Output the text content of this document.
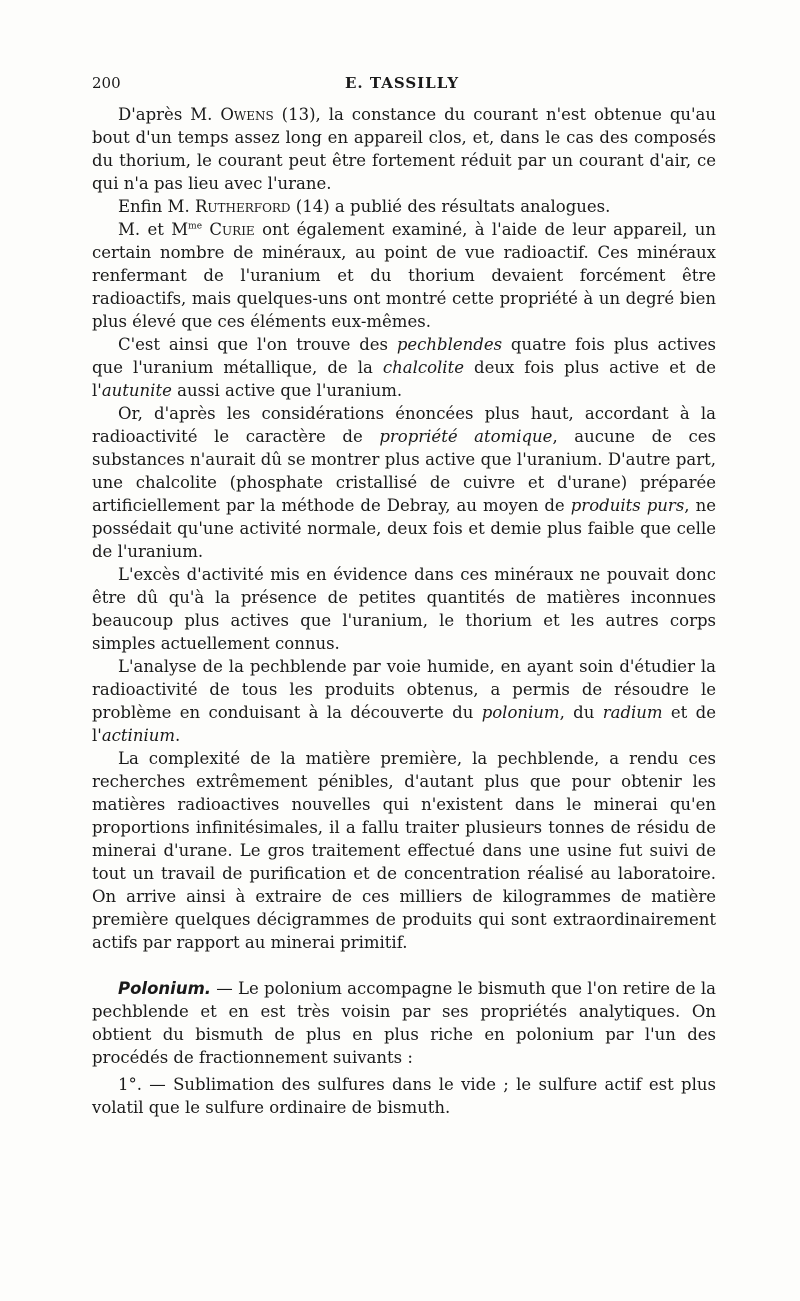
200	E. TASSILLY

D'après M. Owens (13), la constance du courant n'est obtenue qu'au bout d'un temps assez long en appareil clos, et, dans le cas des composés du thorium, le courant peut être fortement réduit par un courant d'air, ce qui n'a pas lieu avec l'urane.

Enfin M. Rutherford (14) a publié des résultats analogues.

M. et $M^{me}$ Curie ont également examiné, à l'aide de leur appareil, un certain nombre de minéraux, au point de vue radioactif. Ces minéraux renfermant de l'uranium et du thorium devaient forcément être radioactifs, mais quelques-uns ont montré cette propriété à un degré bien plus élevé que ces éléments eux-mêmes.

C'est ainsi que l'on trouve des pechblendes quatre fois plus actives que l'uranium métallique, de la chalcolite deux fois plus active et de l'autunite aussi active que l'uranium.

Or, d'après les considérations énoncées plus haut, accordant à la radioactivité le caractère de propriété atomique, aucune de ces substances n'aurait dû se montrer plus active que l'uranium. D'autre part, une chalcolite (phosphate cristallisé de cuivre et d'urane) préparée artificiellement par la méthode de Debray, au moyen de produits purs, ne possédait qu'une activité normale, deux fois et demie plus faible que celle de l'uranium.

L'excès d'activité mis en évidence dans ces minéraux ne pouvait donc être dû qu'à la présence de petites quantités de matières inconnues beaucoup plus actives que l'uranium, le thorium et les autres corps simples actuellement connus.

L'analyse de la pechblende par voie humide, en ayant soin d'étudier la radioactivité de tous les produits obtenus, a permis de résoudre le problème en conduisant à la découverte du polonium, du radium et de l'actinium.

La complexité de la matière première, la pechblende, a rendu ces recherches extrêmement pénibles, d'autant plus que pour obtenir les matières radioactives nouvelles qui n'existent dans le minerai qu'en proportions infinitésimales, il a fallu traiter plusieurs tonnes de résidu de minerai d'urane. Le gros traitement effectué dans une usine fut suivi de tout un travail de purification et de concentration réalisé au laboratoire. On arrive ainsi à extraire de ces milliers de kilogrammes de matière première quelques décigrammes de produits qui sont extraordinairement actifs par rapport au minerai primitif.

Polonium. — Le polonium accompagne le bismuth que l'on retire de la pechblende et en est très voisin par ses propriétés analytiques. On obtient du bismuth de plus en plus riche en polonium par l'un des procédés de fractionnement suivants :

1°. — Sublimation des sulfures dans le vide ; le sulfure actif est plus volatil que le sulfure ordinaire de bismuth.
